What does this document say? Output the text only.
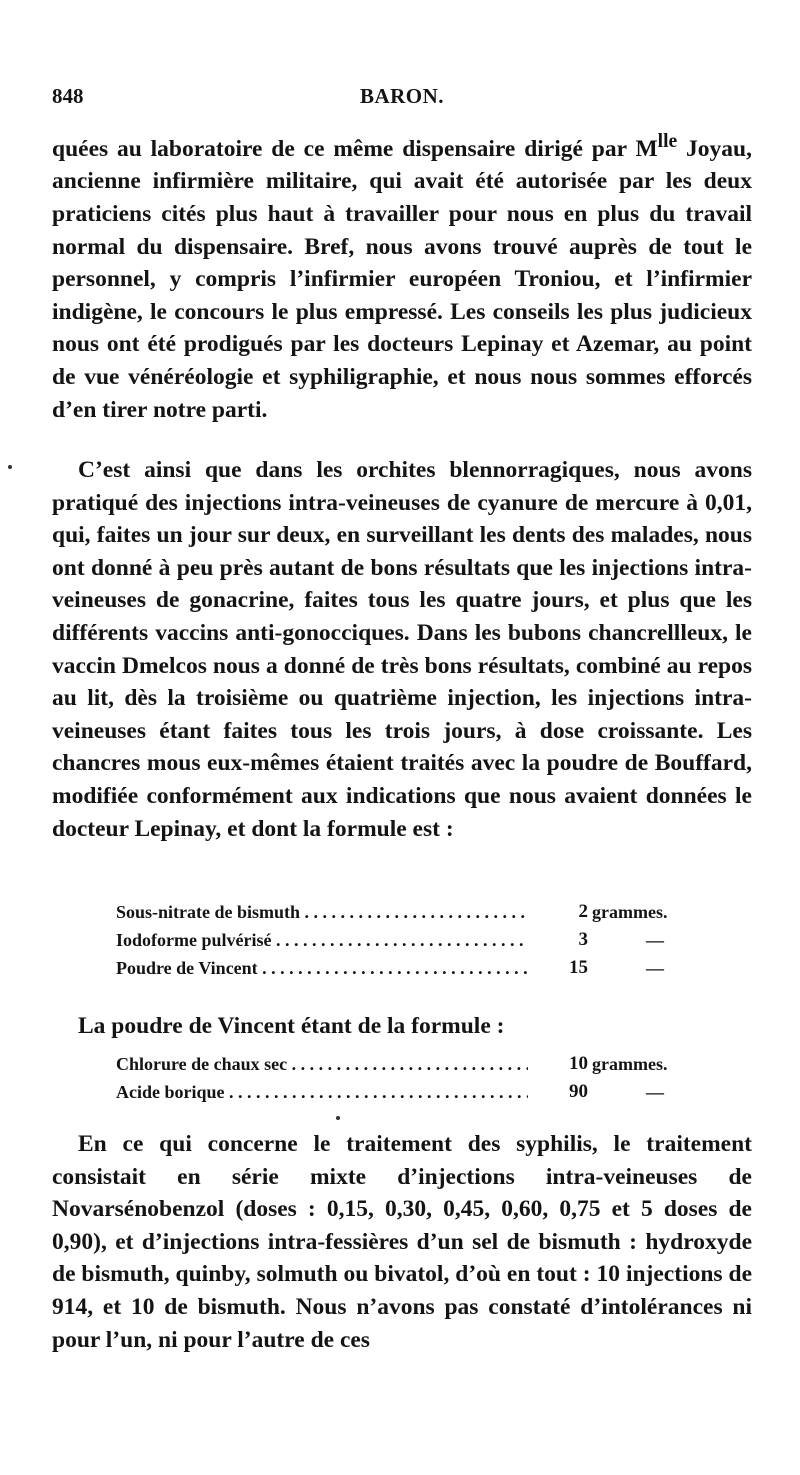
848	BARON.

quées au laboratoire de ce même dispensaire dirigé par $M^{lle}$ Joyau, ancienne infirmière militaire, qui avait été autorisée par les deux praticiens cités plus haut à travailler pour nous en plus du travail normal du dispensaire. Bref, nous avons trouvé auprès de tout le personnel, y compris l’infirmier européen Troniou, et l’infirmier indigène, le concours le plus empressé. Les conseils les plus judicieux nous ont été prodigués par les docteurs Lepinay et Azemar, au point de vue vénéréologie et syphiligraphie, et nous nous sommes efforcés d’en tirer notre parti.

C’est ainsi que dans les orchites blennorragiques, nous avons pratiqué des injections intra-veineuses de cyanure de mercure à 0,01, qui, faites un jour sur deux, en surveillant les dents des malades, nous ont donné à peu près autant de bons résultats que les injections intra-veineuses de gonacrine, faites tous les quatre jours, et plus que les différents vaccins anti-gonocciques. Dans les bubons chancrellleux, le vaccin Dmelcos nous a donné de très bons résultats, combiné au repos au lit, dès la troisième ou quatrième injection, les injections intra-veineuses étant faites tous les trois jours, à dose croissante. Les chancres mous eux-mêmes étaient traités avec la poudre de Bouffard, modifiée conformément aux indications que nous avaient données le docteur Lepinay, et dont la formule est :

Sous-nitrate de bismuth . . .	2 grammes.
Iodoforme pulvérisé . . .	3	—
Poudre de Vincent . . .	15	—

La poudre de Vincent étant de la formule :

Chlorure de chaux sec . . .	10 grammes.
Acide borique . . .	90	—

En ce qui concerne le traitement des syphilis, le traitement consistait en série mixte d’injections intra-veineuses de Novarsénobenzol (doses : 0,15, 0,30, 0,45, 0,60, 0,75 et 5 doses de 0,90), et d’injections intra-fessières d’un sel de bismuth : hydroxyde de bismuth, quinby, solmuth ou bivatol, d’où en tout : 10 injections de 914, et 10 de bismuth. Nous n’avons pas constaté d’intolérances ni pour l’un, ni pour l’autre de ces
